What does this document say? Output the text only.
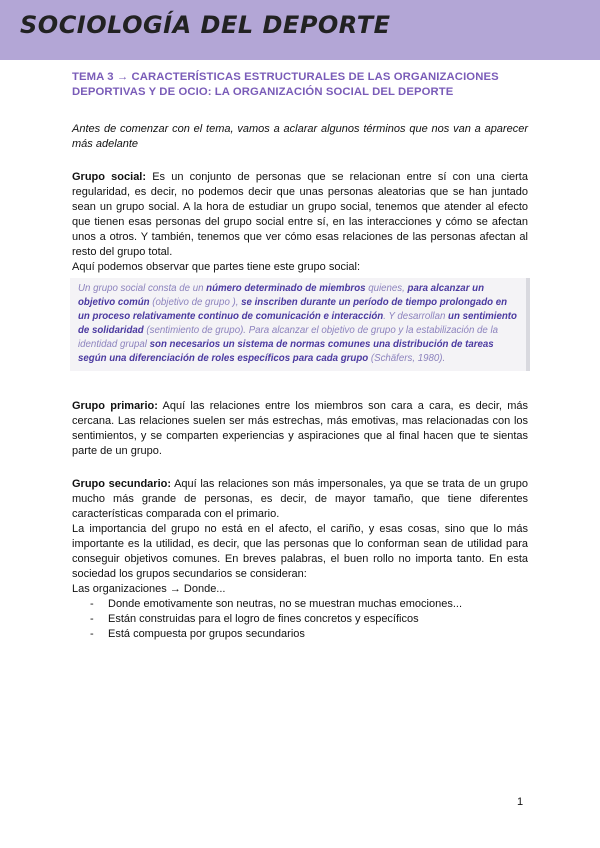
SOCIOLOGÍA DEL DEPORTE
TEMA 3 → CARACTERÍSTICAS ESTRUCTURALES DE LAS ORGANIZACIONES DEPORTIVAS Y DE OCIO: LA ORGANIZACIÓN SOCIAL DEL DEPORTE

Antes de comenzar con el tema, vamos a aclarar algunos términos que nos van a aparecer más adelante

Grupo social: Es un conjunto de personas que se relacionan entre sí con una cierta regularidad, es decir, no podemos decir que unas personas aleatorias que se han juntado sean un grupo social. A la hora de estudiar un grupo social, tenemos que atender al efecto que tienen esas personas del grupo social entre sí, en las interacciones y cómo se afectan unos a otros. Y también, tenemos que ver cómo esas relaciones de las personas afectan al resto del grupo total.

Aquí podemos observar que partes tiene este grupo social:

Un grupo social consta de un número determinado de miembros quienes, para alcanzar un objetivo común (objetivo de grupo ), se inscriben durante un período de tiempo prolongado en un proceso relativamente continuo de comunicación e interacción. Y desarrollan un sentimiento de solidaridad (sentimiento de grupo). Para alcanzar el objetivo de grupo y la estabilización de la identidad grupal son necesarios un sistema de normas comunes una distribución de tareas según una diferenciación de roles específicos para cada grupo (Schäfers, 1980).

Grupo primario: Aquí las relaciones entre los miembros son cara a cara, es decir, más cercana. Las relaciones suelen ser más estrechas, más emotivas, mas relacionadas con los sentimientos, y se comparten experiencias y aspiraciones que al final hacen que te sientas parte de un grupo.

Grupo secundario: Aquí las relaciones son más impersonales, ya que se trata de un grupo mucho más grande de personas, es decir, de mayor tamaño, que tiene diferentes características comparada con el primario.

La importancia del grupo no está en el afecto, el cariño, y esas cosas, sino que lo más importante es la utilidad, es decir, que las personas que lo conforman sean de utilidad para conseguir objetivos comunes. En breves palabras, el buen rollo no importa tanto. En esta sociedad los grupos secundarios se consideran:

Las organizaciones → Donde...

- Donde emotivamente son neutras, no se muestran muchas emociones...
- Están construidas para el logro de fines concretos y específicos
- Está compuesta por grupos secundarios

1
